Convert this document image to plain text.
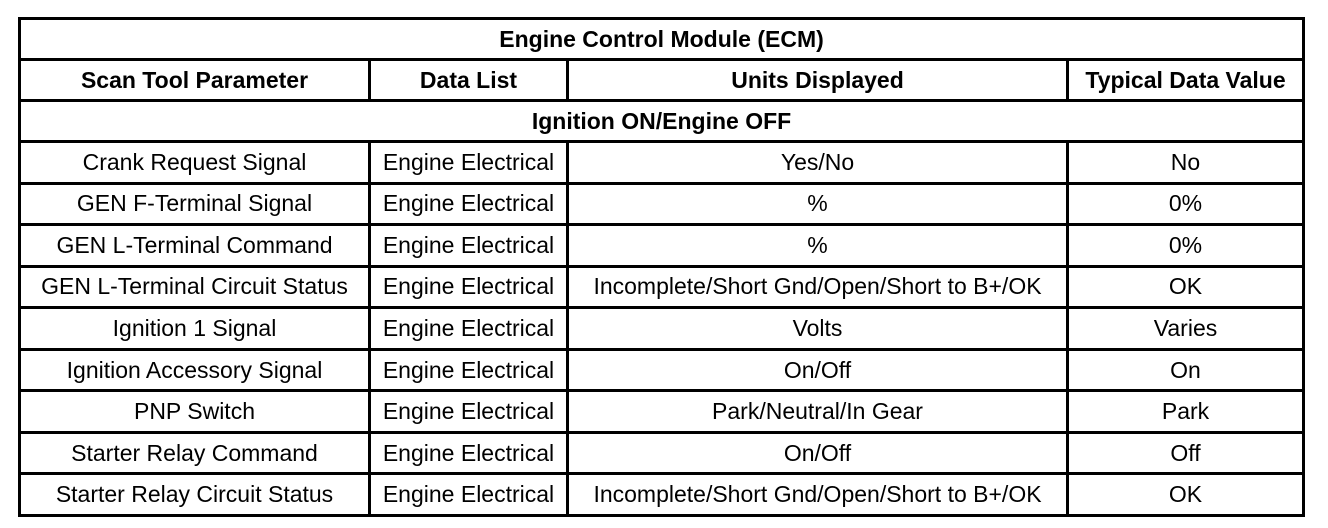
Engine Control Module (ECM)			
Scan Tool Parameter	Data List	Units Displayed	Typical Data Value
Ignition ON/Engine OFF			
Crank Request Signal	Engine Electrical	Yes/No	No
GEN F-Terminal Signal	Engine Electrical	%	0%
GEN L-Terminal Command	Engine Electrical	%	0%
GEN L-Terminal Circuit Status	Engine Electrical	Incomplete/Short Gnd/Open/Short to B+/OK	OK
Ignition 1 Signal	Engine Electrical	Volts	Varies
Ignition Accessory Signal	Engine Electrical	On/Off	On
PNP Switch	Engine Electrical	Park/Neutral/In Gear	Park
Starter Relay Command	Engine Electrical	On/Off	Off
Starter Relay Circuit Status	Engine Electrical	Incomplete/Short Gnd/Open/Short to B+/OK	OK
